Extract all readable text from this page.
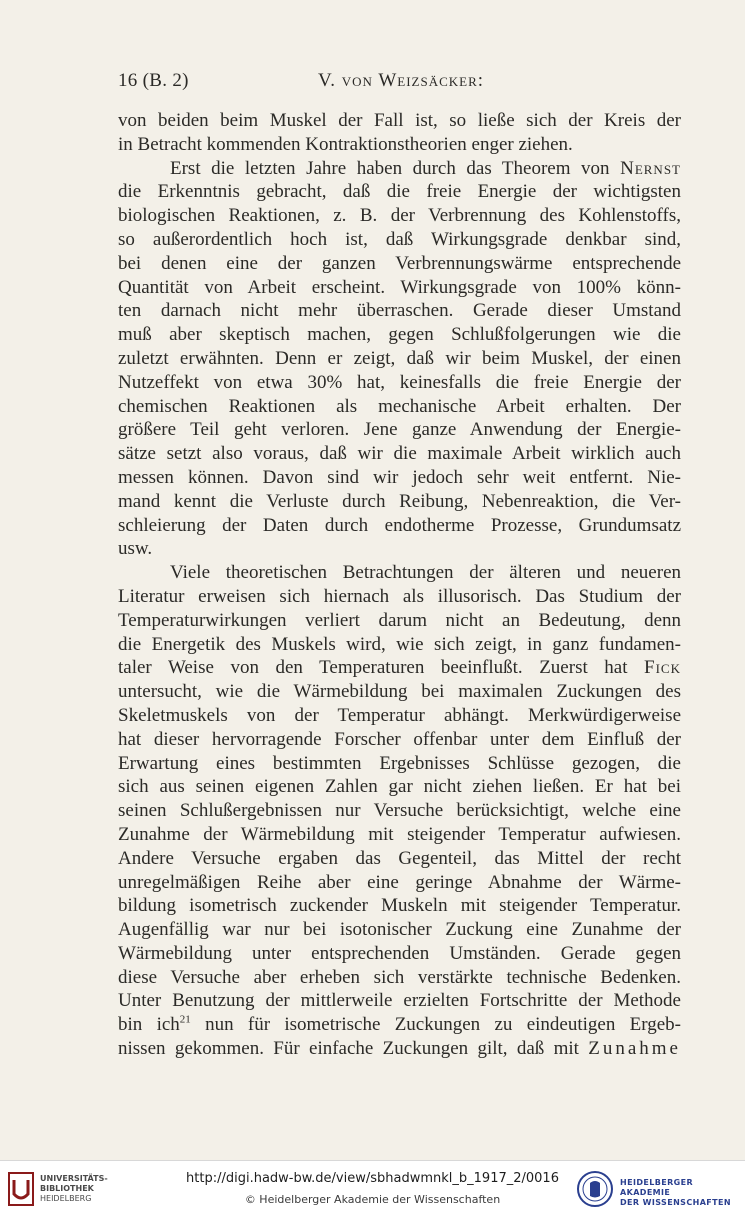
16 (B. 2)	V. von Weizsäcker:

von beiden beim Muskel der Fall ist, so ließe sich der Kreis der
in Betracht kommenden Kontraktionstheorien enger ziehen.

Erst die letzten Jahre haben durch das Theorem von Nernst
die Erkenntnis gebracht, daß die freie Energie der wichtigsten
biologischen Reaktionen, z. B. der Verbrennung des Kohlenstoffs,
so außerordentlich hoch ist, daß Wirkungsgrade denkbar sind,
bei denen eine der ganzen Verbrennungswärme entsprechende
Quantität von Arbeit erscheint. Wirkungsgrade von 100% könn-
ten darnach nicht mehr überraschen. Gerade dieser Umstand
muß aber skeptisch machen, gegen Schlußfolgerungen wie die
zuletzt erwähnten. Denn er zeigt, daß wir beim Muskel, der einen
Nutzeffekt von etwa 30% hat, keinesfalls die freie Energie der
chemischen Reaktionen als mechanische Arbeit erhalten. Der
größere Teil geht verloren. Jene ganze Anwendung der Energie-
sätze setzt also voraus, daß wir die maximale Arbeit wirklich auch
messen können. Davon sind wir jedoch sehr weit entfernt. Nie-
mand kennt die Verluste durch Reibung, Nebenreaktion, die Ver-
schleierung der Daten durch endotherme Prozesse, Grundumsatz
usw.

Viele theoretischen Betrachtungen der älteren und neueren
Literatur erweisen sich hiernach als illusorisch. Das Studium der
Temperaturwirkungen verliert darum nicht an Bedeutung, denn
die Energetik des Muskels wird, wie sich zeigt, in ganz fundamen-
taler Weise von den Temperaturen beeinflußt. Zuerst hat Fick
untersucht, wie die Wärmebildung bei maximalen Zuckungen des
Skeletmuskels von der Temperatur abhängt. Merkwürdigerweise
hat dieser hervorragende Forscher offenbar unter dem Einfluß der
Erwartung eines bestimmten Ergebnisses Schlüsse gezogen, die
sich aus seinen eigenen Zahlen gar nicht ziehen ließen. Er hat bei
seinen Schlußergebnissen nur Versuche berücksichtigt, welche eine
Zunahme der Wärmebildung mit steigender Temperatur aufwiesen.
Andere Versuche ergaben das Gegenteil, das Mittel der recht
unregelmäßigen Reihe aber eine geringe Abnahme der Wärme-
bildung isometrisch zuckender Muskeln mit steigender Temperatur.
Augenfällig war nur bei isotonischer Zuckung eine Zunahme der
Wärmebildung unter entsprechenden Umständen. Gerade gegen
diese Versuche aber erheben sich verstärkte technische Bedenken.
Unter Benutzung der mittlerweile erzielten Fortschritte der Methode
bin ich$^{21}$ nun für isometrische Zuckungen zu eindeutigen Ergeb-
nissen gekommen. Für einfache Zuckungen gilt, daß mit Zunahme

UNIVERSITÄTS-
BIBLIOTHEK
HEIDELBERG
http://digi.hadw-bw.de/view/sbhadwmnkl_b_1917_2/0016
© Heidelberger Akademie der Wissenschaften
HEIDELBERGER AKADEMIE
DER WISSENSCHAFTEN
